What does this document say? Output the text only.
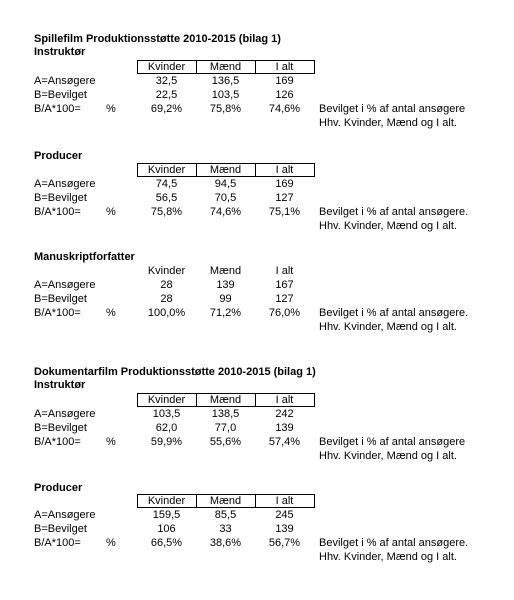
Spillefilm Produktionsstøtte 2010-2015 (bilag 1)
Instruktør
Kvinder	Mænd	I alt
A=Ansøgere	32,5	136,5	169
B=Bevilget	22,5	103,5	126
B/A*100= %	69,2%	75,8%	74,6%	Bevilget i % af antal ansøgere
Hhv. Kvinder, Mænd og I alt.
Producer
Kvinder	Mænd	I alt
A=Ansøgere	74,5	94,5	169
B=Bevilget	56,5	70,5	127
B/A*100= %	75,8%	74,6%	75,1%	Bevilget i % af antal ansøgere.
Hhv. Kvinder, Mænd og I alt.
Manuskriptforfatter
Kvinder	Mænd	I alt
A=Ansøgere	28	139	167
B=Bevilget	28	99	127
B/A*100= %	100,0%	71,2%	76,0%	Bevilget i % af antal ansøgere.
Hhv. Kvinder, Mænd og I alt.
Dokumentarfilm Produktionsstøtte 2010-2015 (bilag 1)
Instruktør
Kvinder	Mænd	I alt
A=Ansøgere	103,5	138,5	242
B=Bevilget	62,0	77,0	139
B/A*100= %	59,9%	55,6%	57,4%	Bevilget i % af antal ansøgere
Hhv. Kvinder, Mænd og I alt.
Producer
Kvinder	Mænd	I alt
A=Ansøgere	159,5	85,5	245
B=Bevilget	106	33	139
B/A*100= %	66,5%	38,6%	56,7%	Bevilget i % af antal ansøgere.
Hhv. Kvinder, Mænd og I alt.
